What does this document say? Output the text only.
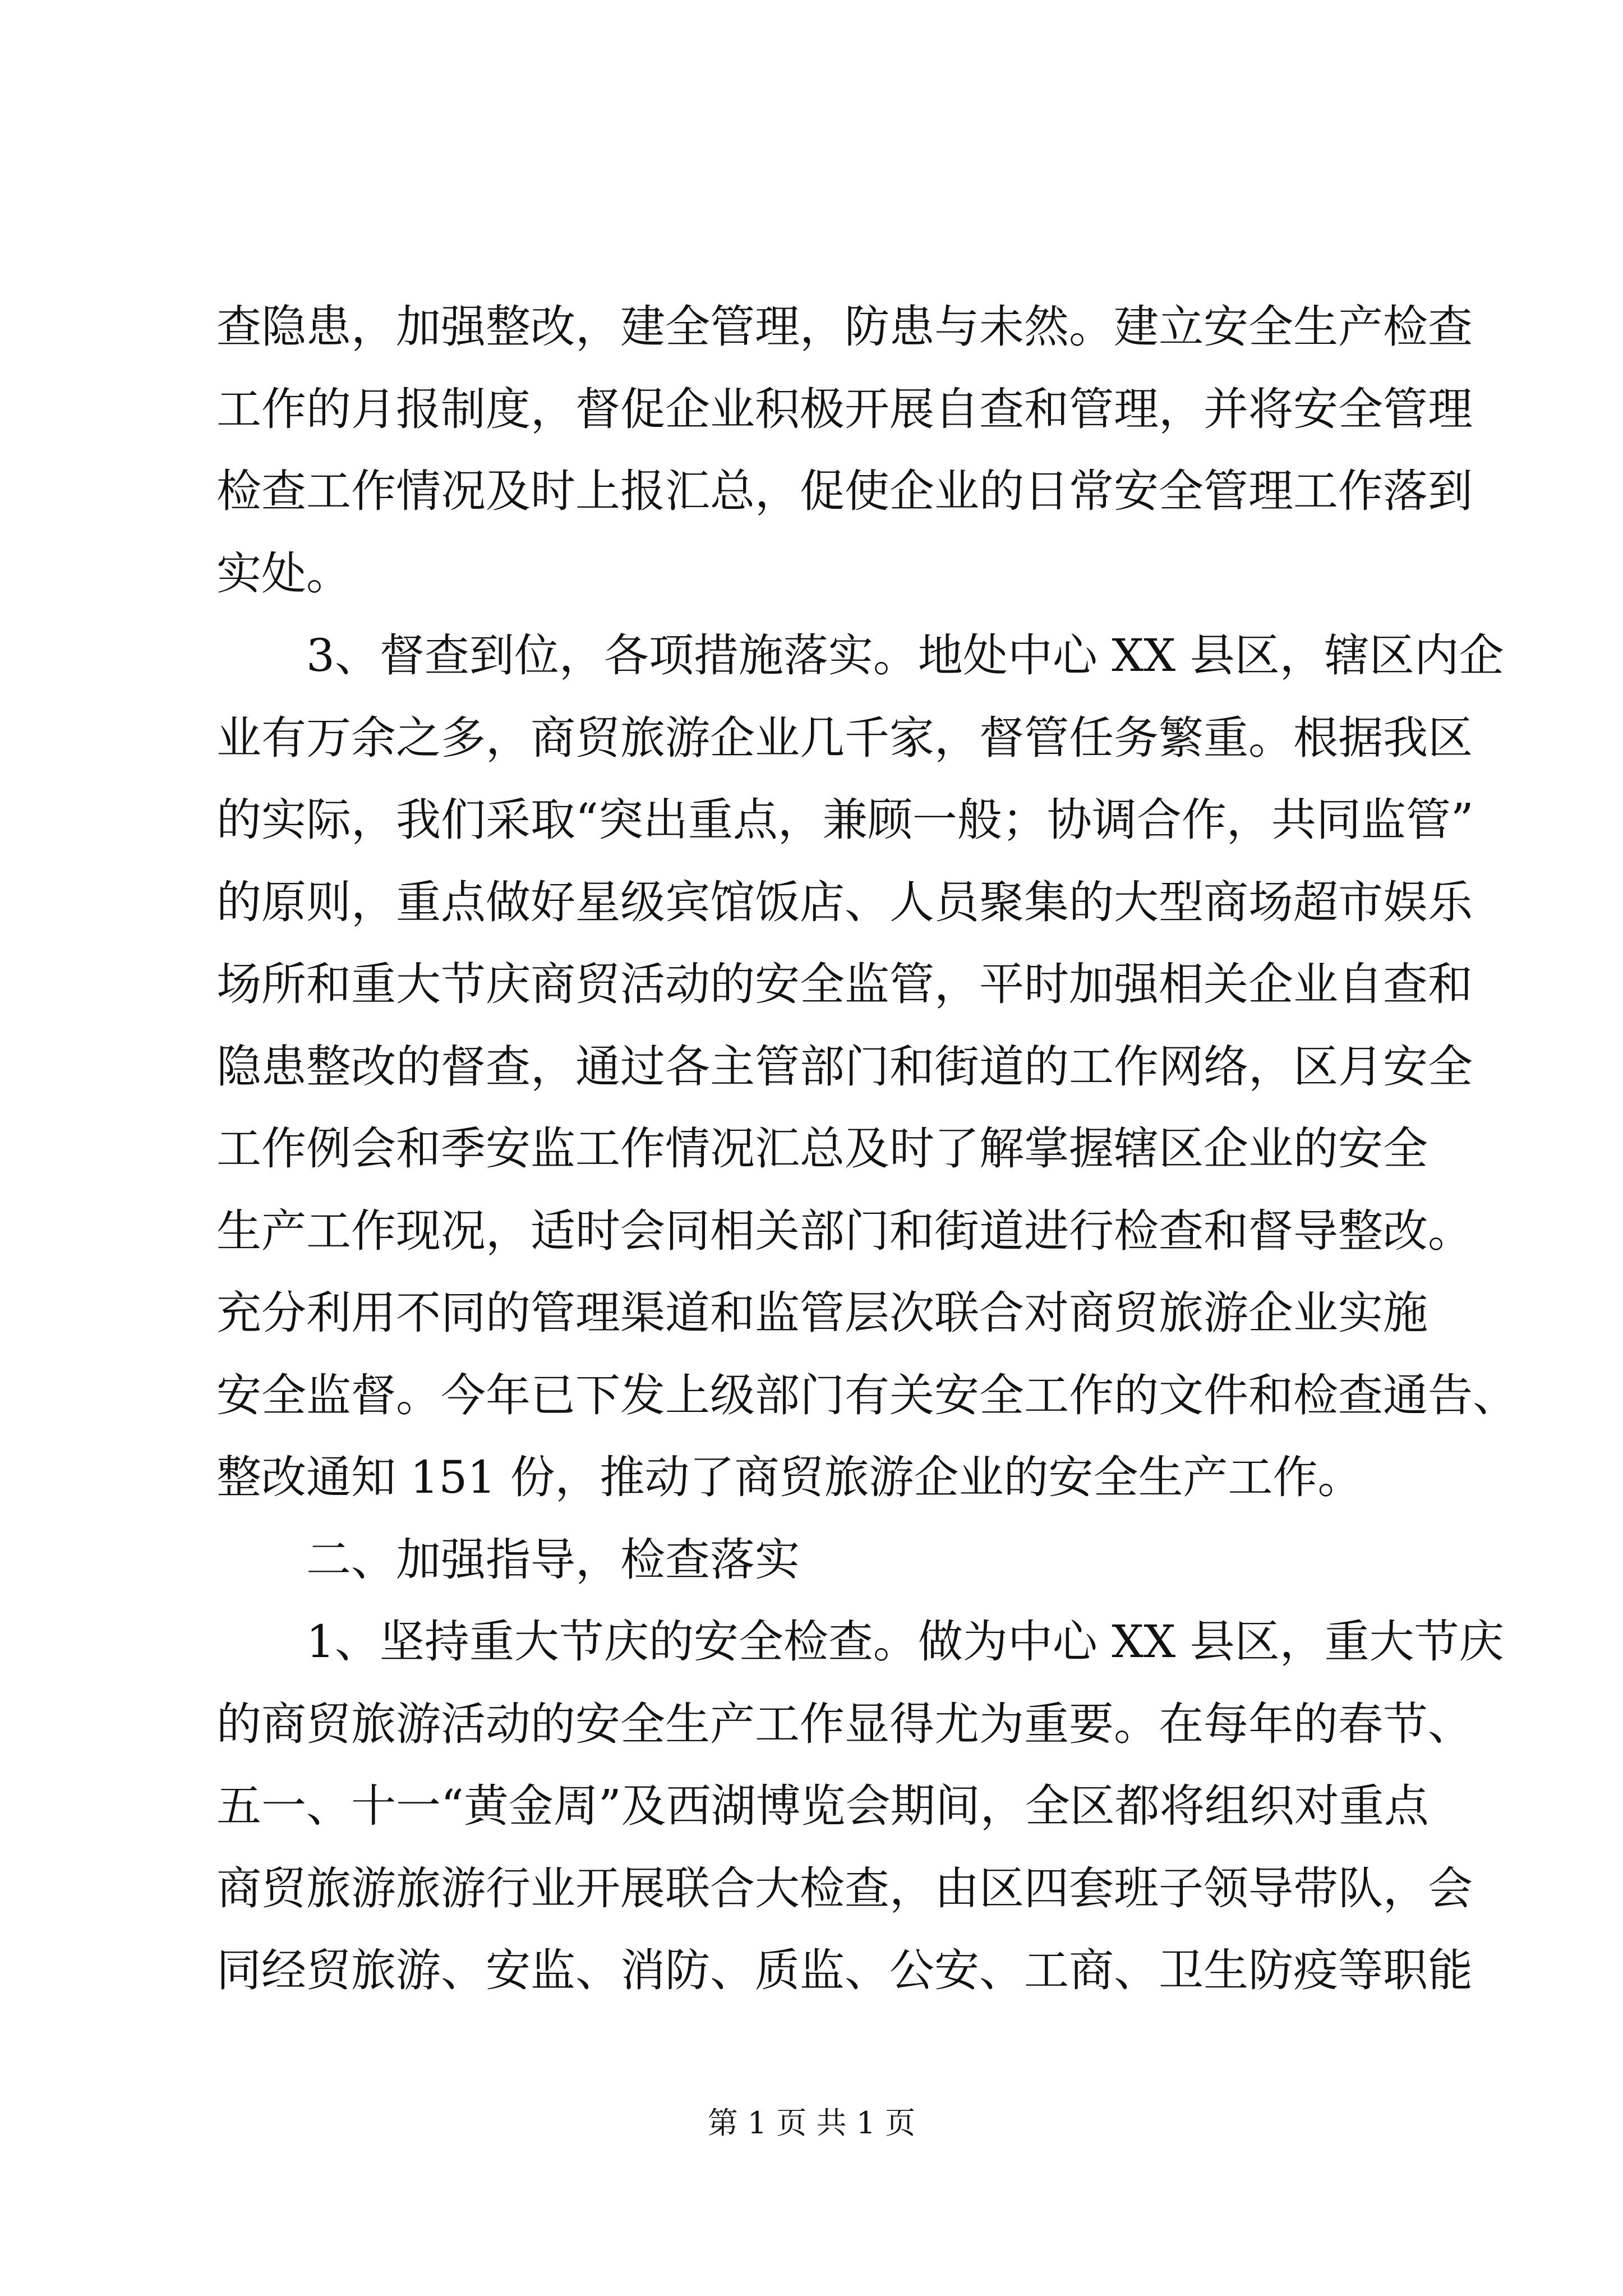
查隐患，加强整改，建全管理，防患与未然。建立安全生产检查
工作的月报制度，督促企业积极开展自查和管理，并将安全管理
检查工作情况及时上报汇总，促使企业的日常安全管理工作落到
实处。
3、督查到位，各项措施落实。地处中心 XX 县区，辖区内企
业有万余之多，商贸旅游企业几千家，督管任务繁重。根据我区
的实际，我们采取“突出重点，兼顾一般；协调合作，共同监管”
的原则，重点做好星级宾馆饭店、人员聚集的大型商场超市娱乐
场所和重大节庆商贸活动的安全监管，平时加强相关企业自查和
隐患整改的督查，通过各主管部门和街道的工作网络，区月安全
工作例会和季安监工作情况汇总及时了解掌握辖区企业的安全
生产工作现况，适时会同相关部门和街道进行检查和督导整改。
充分利用不同的管理渠道和监管层次联合对商贸旅游企业实施
安全监督。今年已下发上级部门有关安全工作的文件和检查通告、
整改通知 151 份，推动了商贸旅游企业的安全生产工作。
二、加强指导，检查落实
1、坚持重大节庆的安全检查。做为中心 XX 县区，重大节庆
的商贸旅游活动的安全生产工作显得尤为重要。在每年的春节、
五一、十一“黄金周”及西湖博览会期间，全区都将组织对重点
商贸旅游旅游行业开展联合大检查，由区四套班子领导带队，会
同经贸旅游、安监、消防、质监、公安、工商、卫生防疫等职能
第 1 页 共 1 页
